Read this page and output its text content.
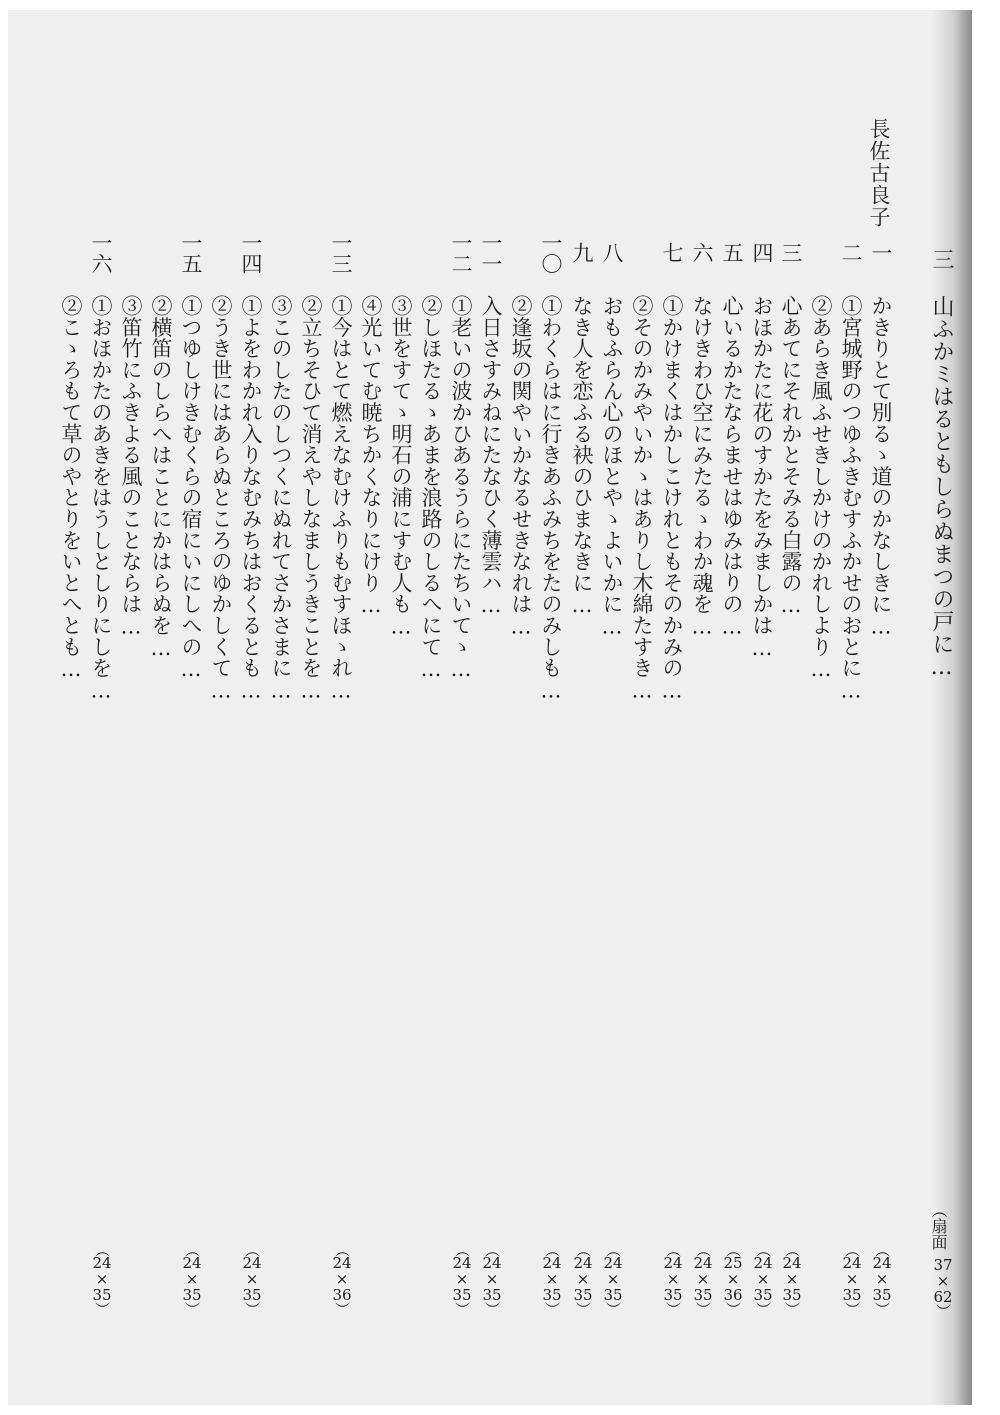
長佐古良子
三
山ふかミはるともしらぬまつの戸に…
（扇面
37
×
62

）
一
かきりとて別るゝ道のかなしきに…
（
24
×
35
）
二
①宮城野のつゆふきむすふかせのおとに…
（
24
×
35
）
②あらき風ふせきしかけのかれしより…
三
心あてにそれかとそみる白露の…
（
24
×
35
）
四
おほかたに花のすかたをみましかは…
（
24
×
35
）
五
心いるかたならませはゆみはりの…
（
25
×
36
）
六
なけきわひ空にみたるゝわか魂を…
（
24
×
35
）
七
①かけまくはかしこけれともそのかみの…
（
24
×
35
）
②そのかみやいかゝはありし木綿たすき…
八
おもふらん心のほとやゝよいかに…
（
24
×
35
）
九
なき人を恋ふる袂のひまなきに…
（
24
×
35
）
一〇
①わくらはに行きあふみちをたのみしも…
（
24
×
35
）
②逢坂の関やいかなるせきなれは…
一一
入日さすみねにたなひく薄雲ハ…
（
24
×
35
）
一二
①老いの波かひあるうらにたちいてゝ…
（
24
×
35
）
②しほたるゝあまを浪路のしるへにて…
③世をすてゝ明石の浦にすむ人も…
④光いてむ暁ちかくなりにけり…
一三
①今はとて燃えなむけふりもむすほゝれ…
（
24
×
36
）
②立ちそひて消えやしなましうきことを…
③このしたのしつくにぬれてさかさまに…
一四
①よをわかれ入りなむみちはおくるとも…
（
24
×
35
）
②うき世にはあらぬところのゆかしくて…
一五
①つゆしけきむくらの宿にいにしへの…
（
24
×
35
）
②横笛のしらへはことにかはらぬを…
③笛竹にふきよる風のことならは…
一六
①おほかたのあきをはうしとしりにしを…
（
24
×
35
）
②こゝろもて草のやとりをいとへとも…
